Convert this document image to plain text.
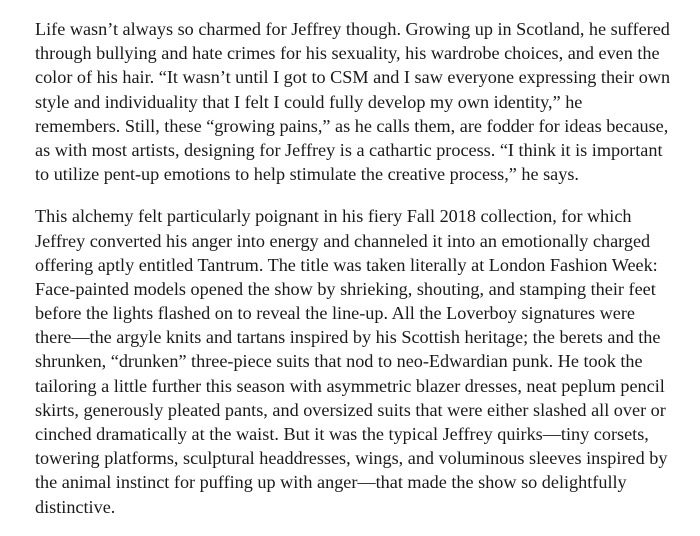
Life wasn’t always so charmed for Jeffrey though. Growing up in Scotland, he suffered
through bullying and hate crimes for his sexuality, his wardrobe choices, and even the
color of his hair. “It wasn’t until I got to CSM and I saw everyone expressing their own
style and individuality that I felt I could fully develop my own identity,” he
remembers. Still, these “growing pains,” as he calls them, are fodder for ideas because,
as with most artists, designing for Jeffrey is a cathartic process. “I think it is important
to utilize pent-up emotions to help stimulate the creative process,” he says.

This alchemy felt particularly poignant in his fiery Fall 2018 collection, for which
Jeffrey converted his anger into energy and channeled it into an emotionally charged
offering aptly entitled Tantrum. The title was taken literally at London Fashion Week:
Face-painted models opened the show by shrieking, shouting, and stamping their feet
before the lights flashed on to reveal the line-up. All the Loverboy signatures were
there—the argyle knits and tartans inspired by his Scottish heritage; the berets and the
shrunken, “drunken” three-piece suits that nod to neo-Edwardian punk. He took the
tailoring a little further this season with asymmetric blazer dresses, neat peplum pencil
skirts, generously pleated pants, and oversized suits that were either slashed all over or
cinched dramatically at the waist. But it was the typical Jeffrey quirks—tiny corsets,
towering platforms, sculptural headdresses, wings, and voluminous sleeves inspired by
the animal instinct for puffing up with anger—that made the show so delightfully
distinctive.
